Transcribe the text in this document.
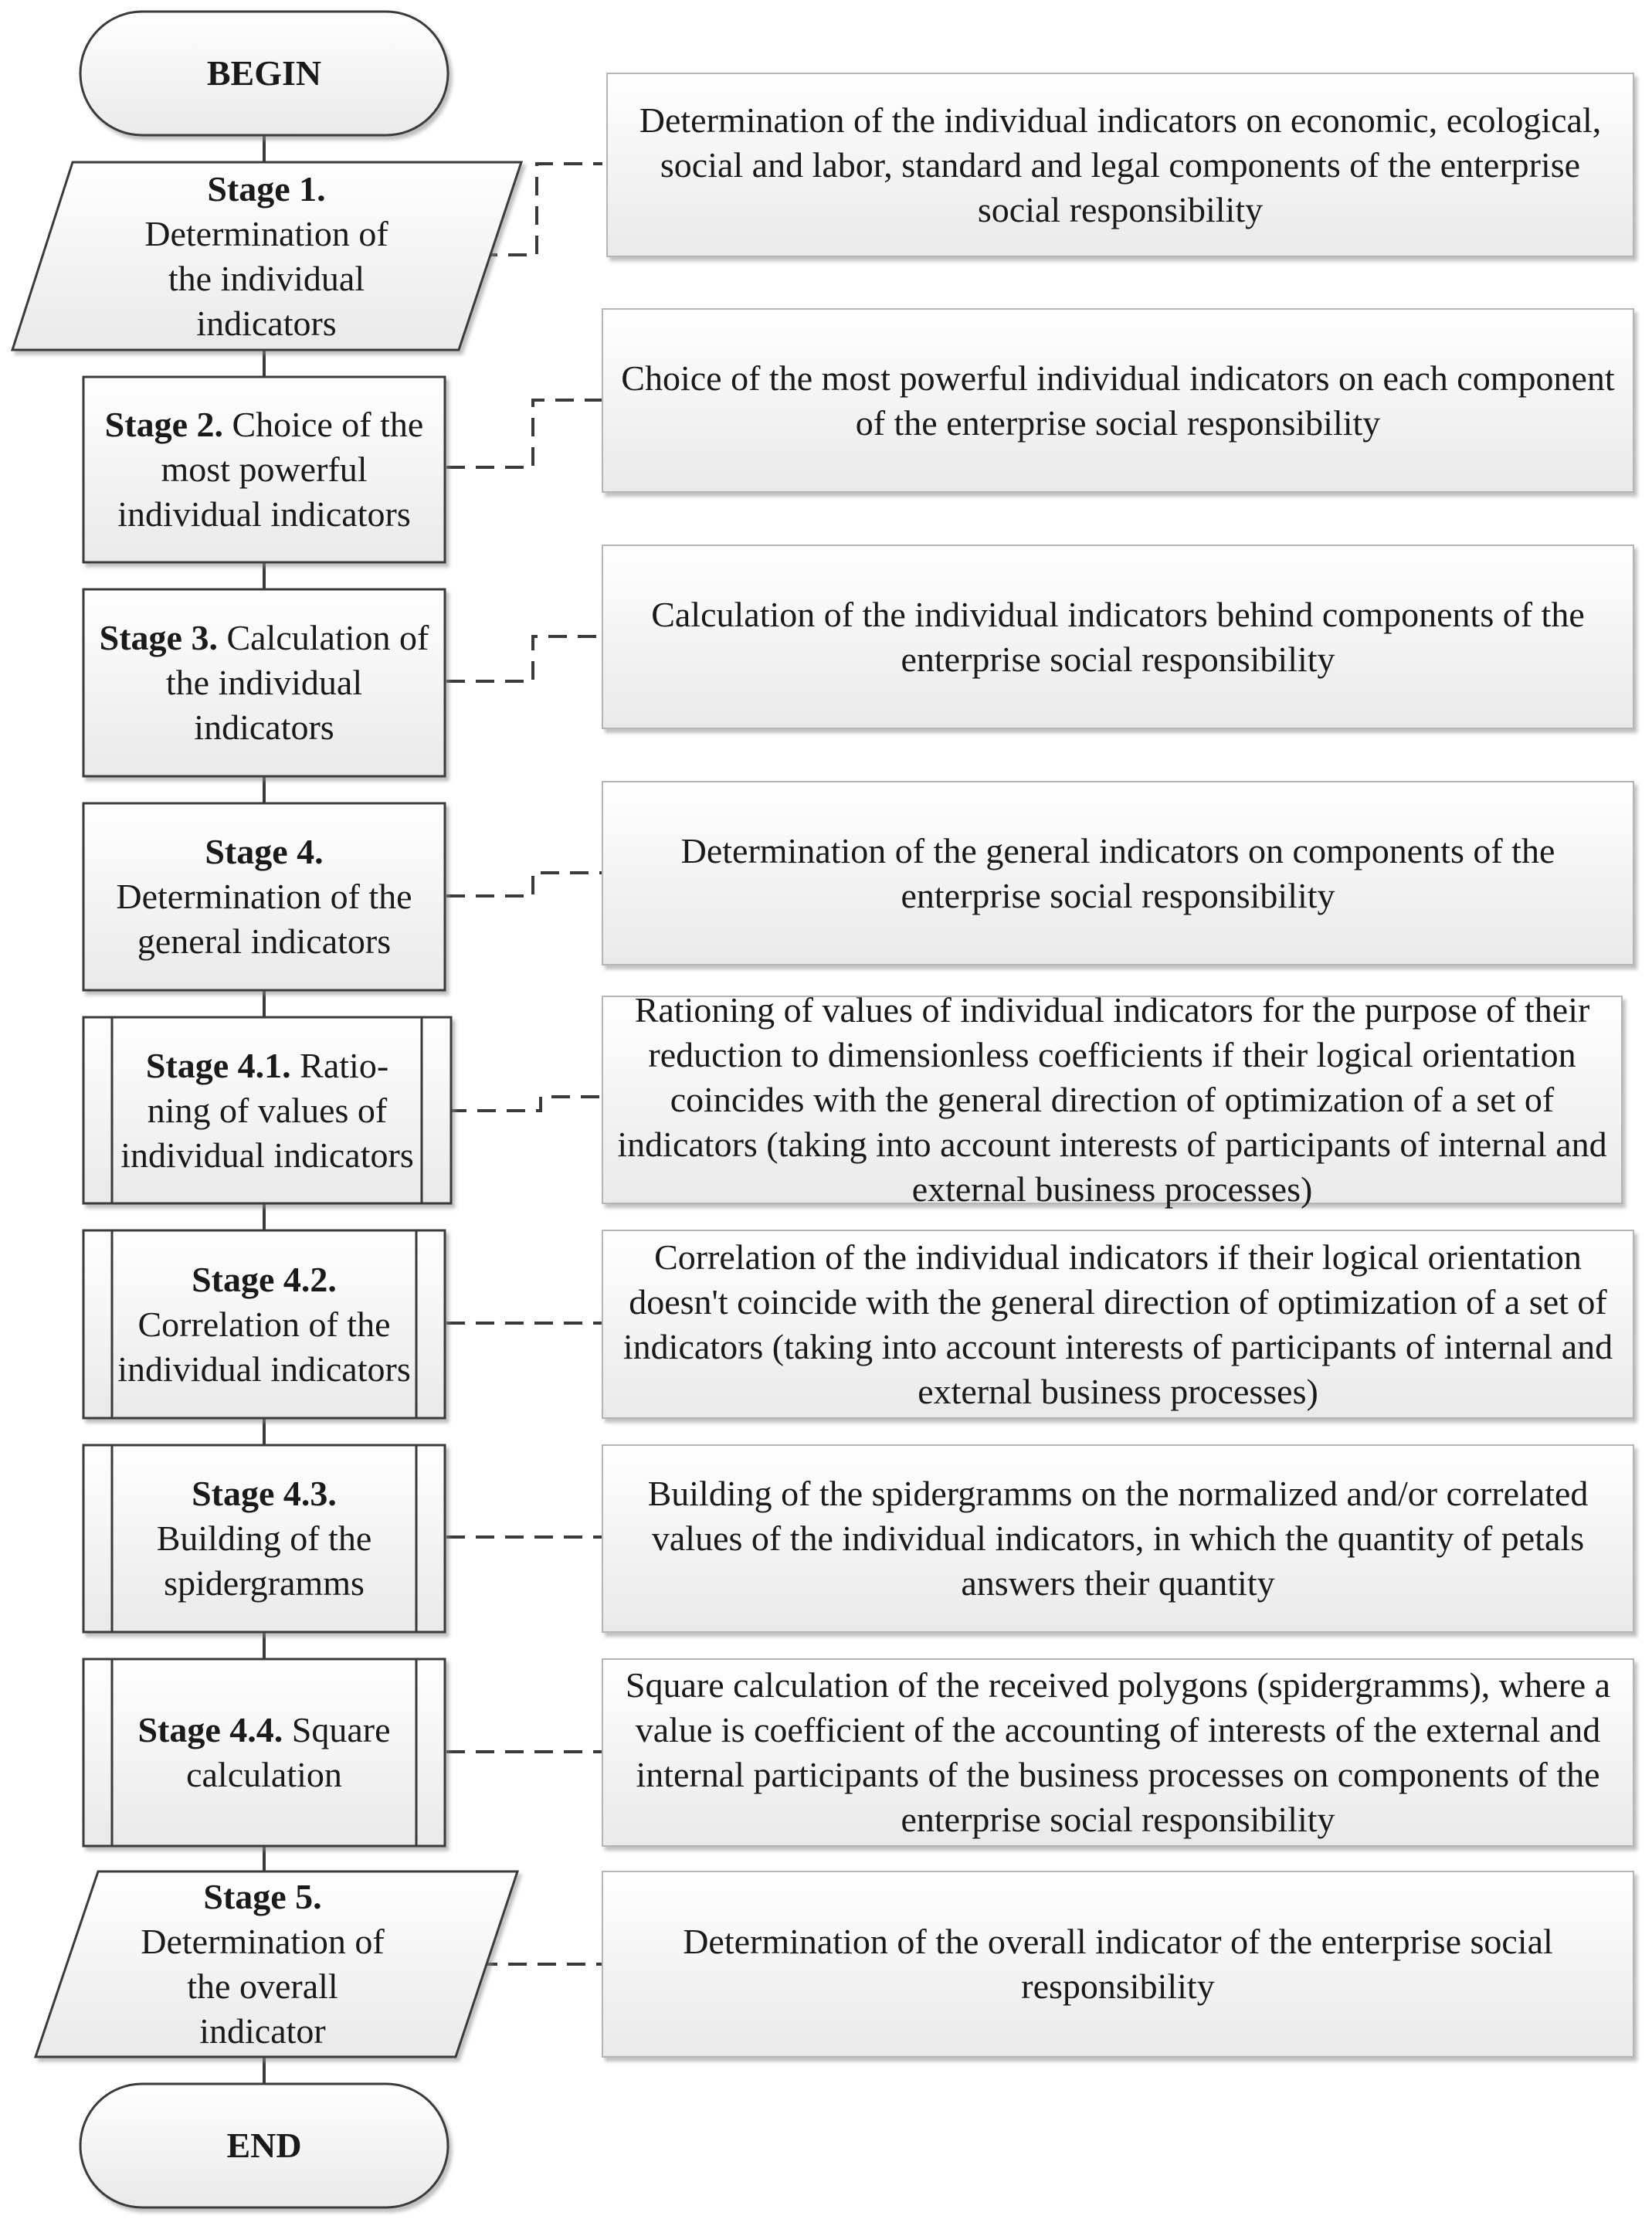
BEGIN
END
Stage 1.
Determination of the individual indicators
Stage 2. Choice of the most powerful individual indicators
Stage 3. Calculation of the individual indicators
Stage 4.
Determination of the general indicators
Stage 4.1. Ratio-ning of values of individual indicators
Stage 4.2.
Correlation of the individual indicators
Stage 4.3.
Building of the spidergramms
Stage 4.4. Square calculation
Stage 5.
Determination of the overall indicator
Determination of the individual indicators on economic, ecological, social and labor, standard and legal components of the enterprise social responsibility
Choice of the most powerful individual indicators on each component of the enterprise social responsibility
Calculation of the individual indicators behind components of the enterprise social responsibility
Determination of the general indicators on components of the enterprise social responsibility
Rationing of values of individual indicators for the purpose of their reduction to dimensionless coefficients if their logical orientation coincides with the general direction of optimization of a set of indicators (taking into account interests of participants of internal and external business processes)
Correlation of the individual indicators if their logical orientation doesn't coincide with the general direction of optimization of a set of indicators (taking into account interests of participants of internal and external business processes)
Building of the spidergramms on the normalized and/or correlated values of the individual indicators, in which the quantity of petals answers their quantity
Square calculation of the received polygons (spidergramms), where a value is coefficient of the accounting of interests of the external and internal participants of the business processes on components of the enterprise social responsibility
Determination of the overall indicator of the enterprise social responsibility
